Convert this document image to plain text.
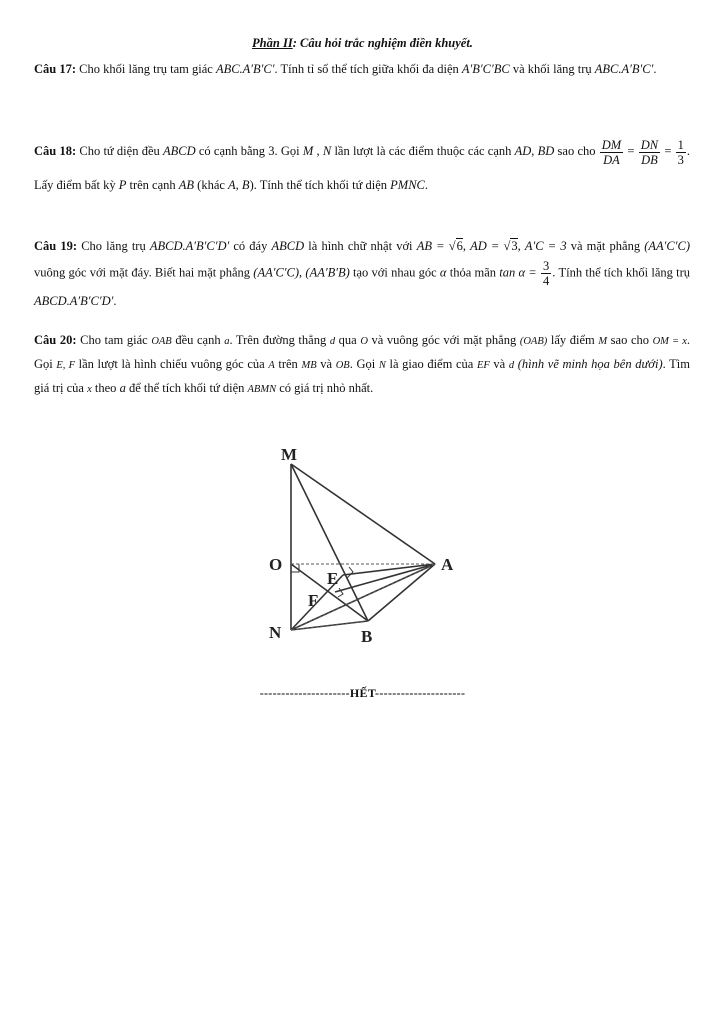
Phần II: Câu hỏi trắc nghiệm điền khuyết.
Câu 17: Cho khối lăng trụ tam giác ABC.A′B′C′. Tính tỉ số thể tích giữa khối đa diện A′B′C′BC và khối lăng trụ ABC.A′B′C′.
Câu 18: Cho tứ diện đều ABCD có cạnh bằng 3. Gọi M , N lần lượt là các điểm thuộc các cạnh AD, BD sao cho $\frac{DM}{DA} = \frac{DN}{DB} = \frac{1}{3}$ . Lấy điểm bất kỳ P trên cạnh AB (khác A, B). Tính thể tích khối tứ diện PMNC.
Câu 19: Cho lăng trụ ABCD.A′B′C′D′ có đáy ABCD là hình chữ nhật với AB = √6, AD = √3, A′C = 3 và mặt phẳng (AA′C′C) vuông góc với mặt đáy. Biết hai mặt phẳng (AA′C′C), (AA′B′B) tạo với nhau góc α thỏa mãn $\tan \alpha = \frac{3}{4}$ . Tính thể tích khối lăng trụ ABCD.A′B′C′D′.
Câu 20: Cho tam giác OAB đều cạnh a. Trên đường thẳng d qua O và vuông góc với mặt phẳng (OAB) lấy điểm M sao cho OM = x. Gọi E, F lần lượt là hình chiếu vuông góc của A trên MB và OB. Gọi N là giao điểm của EF và d (hình vẽ minh họa bên dưới). Tìm giá trị của x theo a để thể tích khối tứ diện ABMN có giá trị nhỏ nhất.
M
O	A
E
F
N	B
---------------------HẾT---------------------
